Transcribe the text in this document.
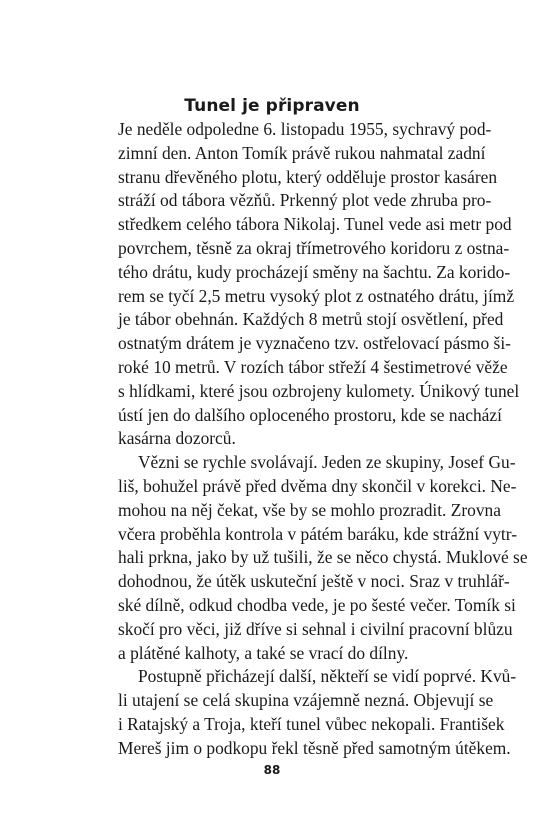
Tunel je připraven
Je neděle odpoledne 6. listopadu 1955, sychravý pod-
zimní den. Anton Tomík právě rukou nahmatal zadní
stranu dřevěného plotu, který odděluje prostor kasáren
stráží od tábora vězňů. Prkenný plot vede zhruba pro-
středkem celého tábora Nikolaj. Tunel vede asi metr pod
povrchem, těsně za okraj třímetrového koridoru z ostna-
tého drátu, kudy procházejí směny na šachtu. Za korido-
rem se tyčí 2,5 metru vysoký plot z ostnatého drátu, jímž
je tábor obehnán. Každých 8 metrů stojí osvětlení, před
ostnatým drátem je vyznačeno tzv. ostřelovací pásmo ši-
roké 10 metrů. V rozích tábor střeží 4 šestimetrové věže
s hlídkami, které jsou ozbrojeny kulomety. Únikový tunel
ústí jen do dalšího oploceného prostoru, kde se nachází
kasárna dozorců.
Vězni se rychle svolávají. Jeden ze skupiny, Josef Gu-
liš, bohužel právě před dvěma dny skončil v korekci. Ne-
mohou na něj čekat, vše by se mohlo prozradit. Zrovna
včera proběhla kontrola v pátém baráku, kde strážní vytr-
hali prkna, jako by už tušili, že se něco chystá. Muklové se
dohodnou, že útěk uskuteční ještě v noci. Sraz v truhlář-
ské dílně, odkud chodba vede, je po šesté večer. Tomík si
skočí pro věci, již dříve si sehnal i civilní pracovní blůzu
a plátěné kalhoty, a také se vrací do dílny.
Postupně přicházejí další, někteří se vidí poprvé. Kvů-
li utajení se celá skupina vzájemně nezná. Objevují se
i Ratajský a Troja, kteří tunel vůbec nekopali. František
Mereš jim o podkopu řekl těsně před samotným útěkem.
88
